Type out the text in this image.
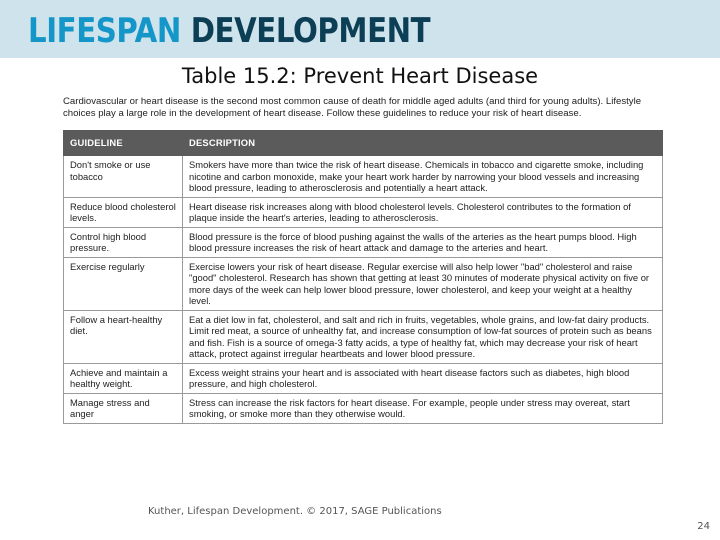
LIFESPAN DEVELOPMENT
Table 15.2: Prevent Heart Disease
Cardiovascular or heart disease is the second most common cause of death for middle aged adults (and third for young adults). Lifestyle choices play a large role in the development of heart disease. Follow these guidelines to reduce your risk of heart disease.
GUIDELINE	DESCRIPTION
Don't smoke or use tobacco	Smokers have more than twice the risk of heart disease. Chemicals in tobacco and cigarette smoke, including nicotine and carbon monoxide, make your heart work harder by narrowing your blood vessels and increasing blood pressure, leading to atherosclerosis and potentially a heart attack.
Reduce blood cholesterol levels.	Heart disease risk increases along with blood cholesterol levels. Cholesterol contributes to the formation of plaque inside the heart's arteries, leading to atherosclerosis.
Control high blood pressure.	Blood pressure is the force of blood pushing against the walls of the arteries as the heart pumps blood. High blood pressure increases the risk of heart attack and damage to the arteries and heart.
Exercise regularly	Exercise lowers your risk of heart disease. Regular exercise will also help lower "bad" cholesterol and raise "good" cholesterol. Research has shown that getting at least 30 minutes of moderate physical activity on five or more days of the week can help lower blood pressure, lower cholesterol, and keep your weight at a healthy level.
Follow a heart-healthy diet.	Eat a diet low in fat, cholesterol, and salt and rich in fruits, vegetables, whole grains, and low-fat dairy products. Limit red meat, a source of unhealthy fat, and increase consumption of low-fat sources of protein such as beans and fish. Fish is a source of omega-3 fatty acids, a type of healthy fat, which may decrease your risk of heart attack, protect against irregular heartbeats and lower blood pressure.
Achieve and maintain a healthy weight.	Excess weight strains your heart and is associated with heart disease factors such as diabetes, high blood pressure, and high cholesterol.
Manage stress and anger	Stress can increase the risk factors for heart disease. For example, people under stress may overeat, start smoking, or smoke more than they otherwise would.
Kuther, Lifespan Development. © 2017, SAGE Publications
24
